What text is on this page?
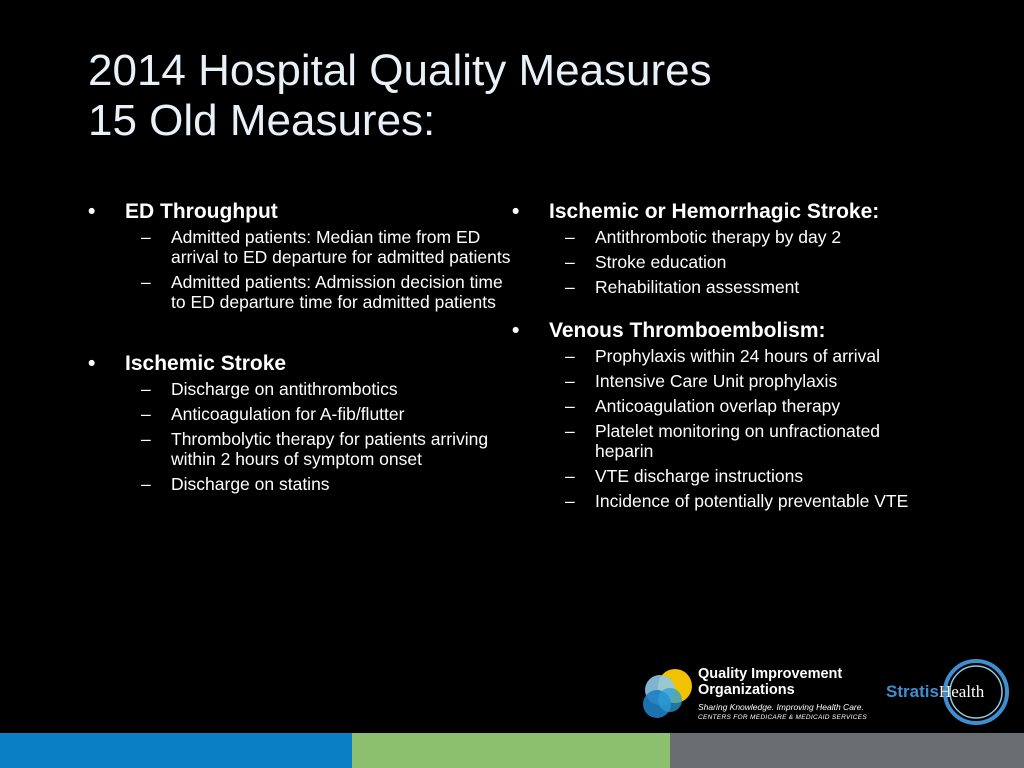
2014 Hospital Quality Measures
15 Old Measures:
• ED Throughput
– Admitted patients: Median time from ED arrival to ED departure for admitted patients
– Admitted patients: Admission decision time to ED departure time for admitted patients
• Ischemic Stroke
– Discharge on antithrombotics
– Anticoagulation for A-fib/flutter
– Thrombolytic therapy for patients arriving within 2 hours of symptom onset
– Discharge on statins
• Ischemic or Hemorrhagic Stroke:
– Antithrombotic therapy by day 2
– Stroke education
– Rehabilitation assessment
• Venous Thromboembolism:
– Prophylaxis within 24 hours of arrival
– Intensive Care Unit prophylaxis
– Anticoagulation overlap therapy
– Platelet monitoring on unfractionated heparin
– VTE discharge instructions
– Incidence of potentially preventable VTE
Quality Improvement
Organizations
Sharing Knowledge. Improving Health Care.
CENTERS FOR MEDICARE & MEDICAID SERVICES
StratisHealth
